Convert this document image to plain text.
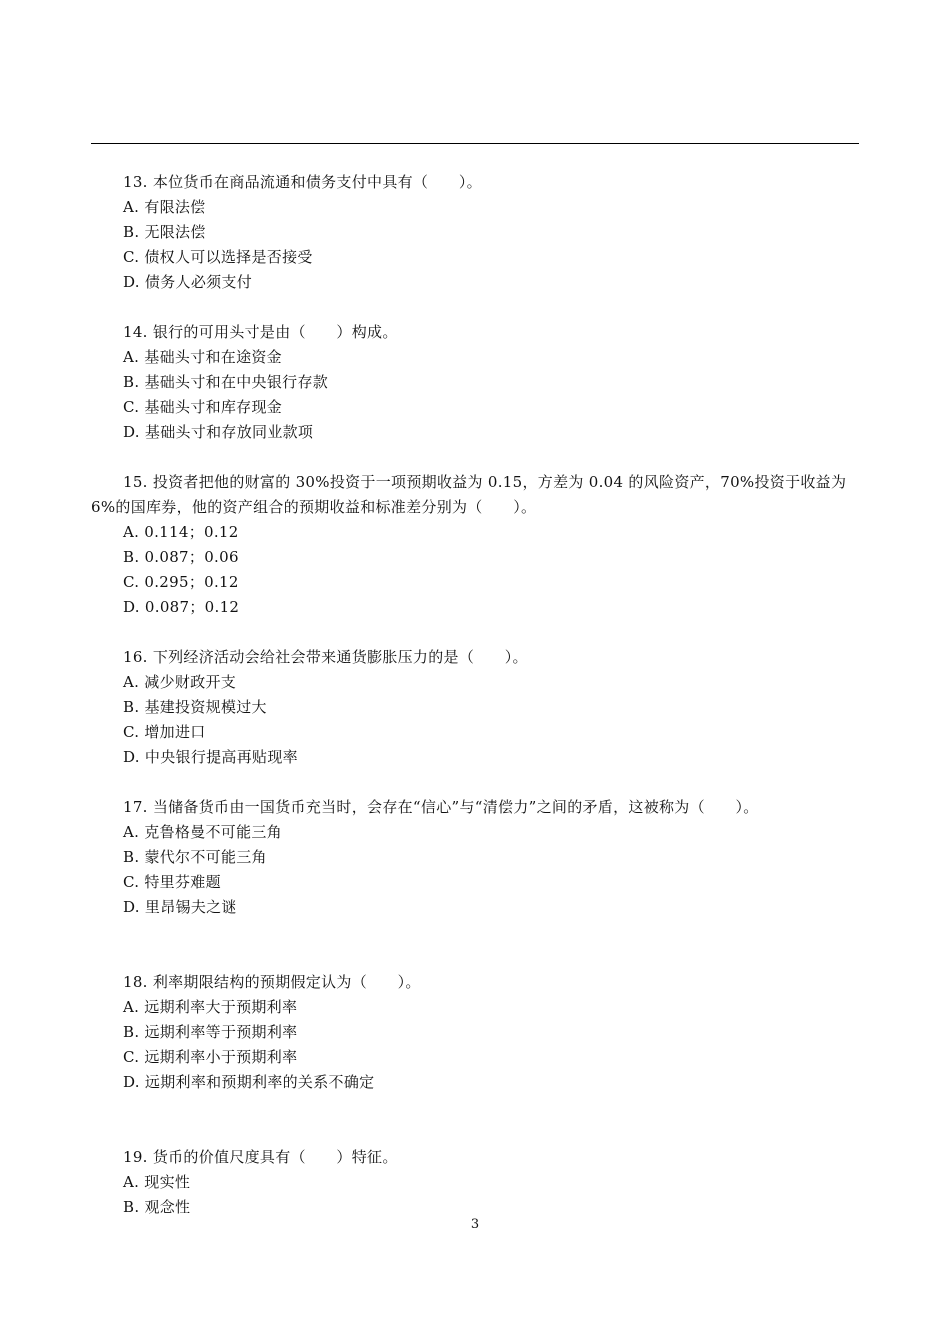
13. 本位货币在商品流通和债务支付中具有（　　）。

A. 有限法偿

B. 无限法偿

C. 债权人可以选择是否接受

D. 债务人必须支付

14. 银行的可用头寸是由（　　）构成。

A. 基础头寸和在途资金

B. 基础头寸和在中央银行存款

C. 基础头寸和库存现金

D. 基础头寸和存放同业款项

15. 投资者把他的财富的 30%投资于一项预期收益为 0.15，方差为 0.04 的风险资产，70%投资于收益为 6%的国库券，他的资产组合的预期收益和标准差分别为（　　）。

A. 0.114；0.12

B. 0.087；0.06

C. 0.295；0.12

D. 0.087；0.12

16. 下列经济活动会给社会带来通货膨胀压力的是（　　）。

A. 减少财政开支

B. 基建投资规模过大

C. 增加进口

D. 中央银行提高再贴现率

17. 当储备货币由一国货币充当时，会存在“信心”与“清偿力”之间的矛盾，这被称为（　　）。

A. 克鲁格曼不可能三角

B. 蒙代尔不可能三角

C. 特里芬难题

D. 里昂锡夫之谜

18. 利率期限结构的预期假定认为（　　）。

A. 远期利率大于预期利率

B. 远期利率等于预期利率

C. 远期利率小于预期利率

D. 远期利率和预期利率的关系不确定

19. 货币的价值尺度具有（　　）特征。

A. 现实性

B. 观念性

3
